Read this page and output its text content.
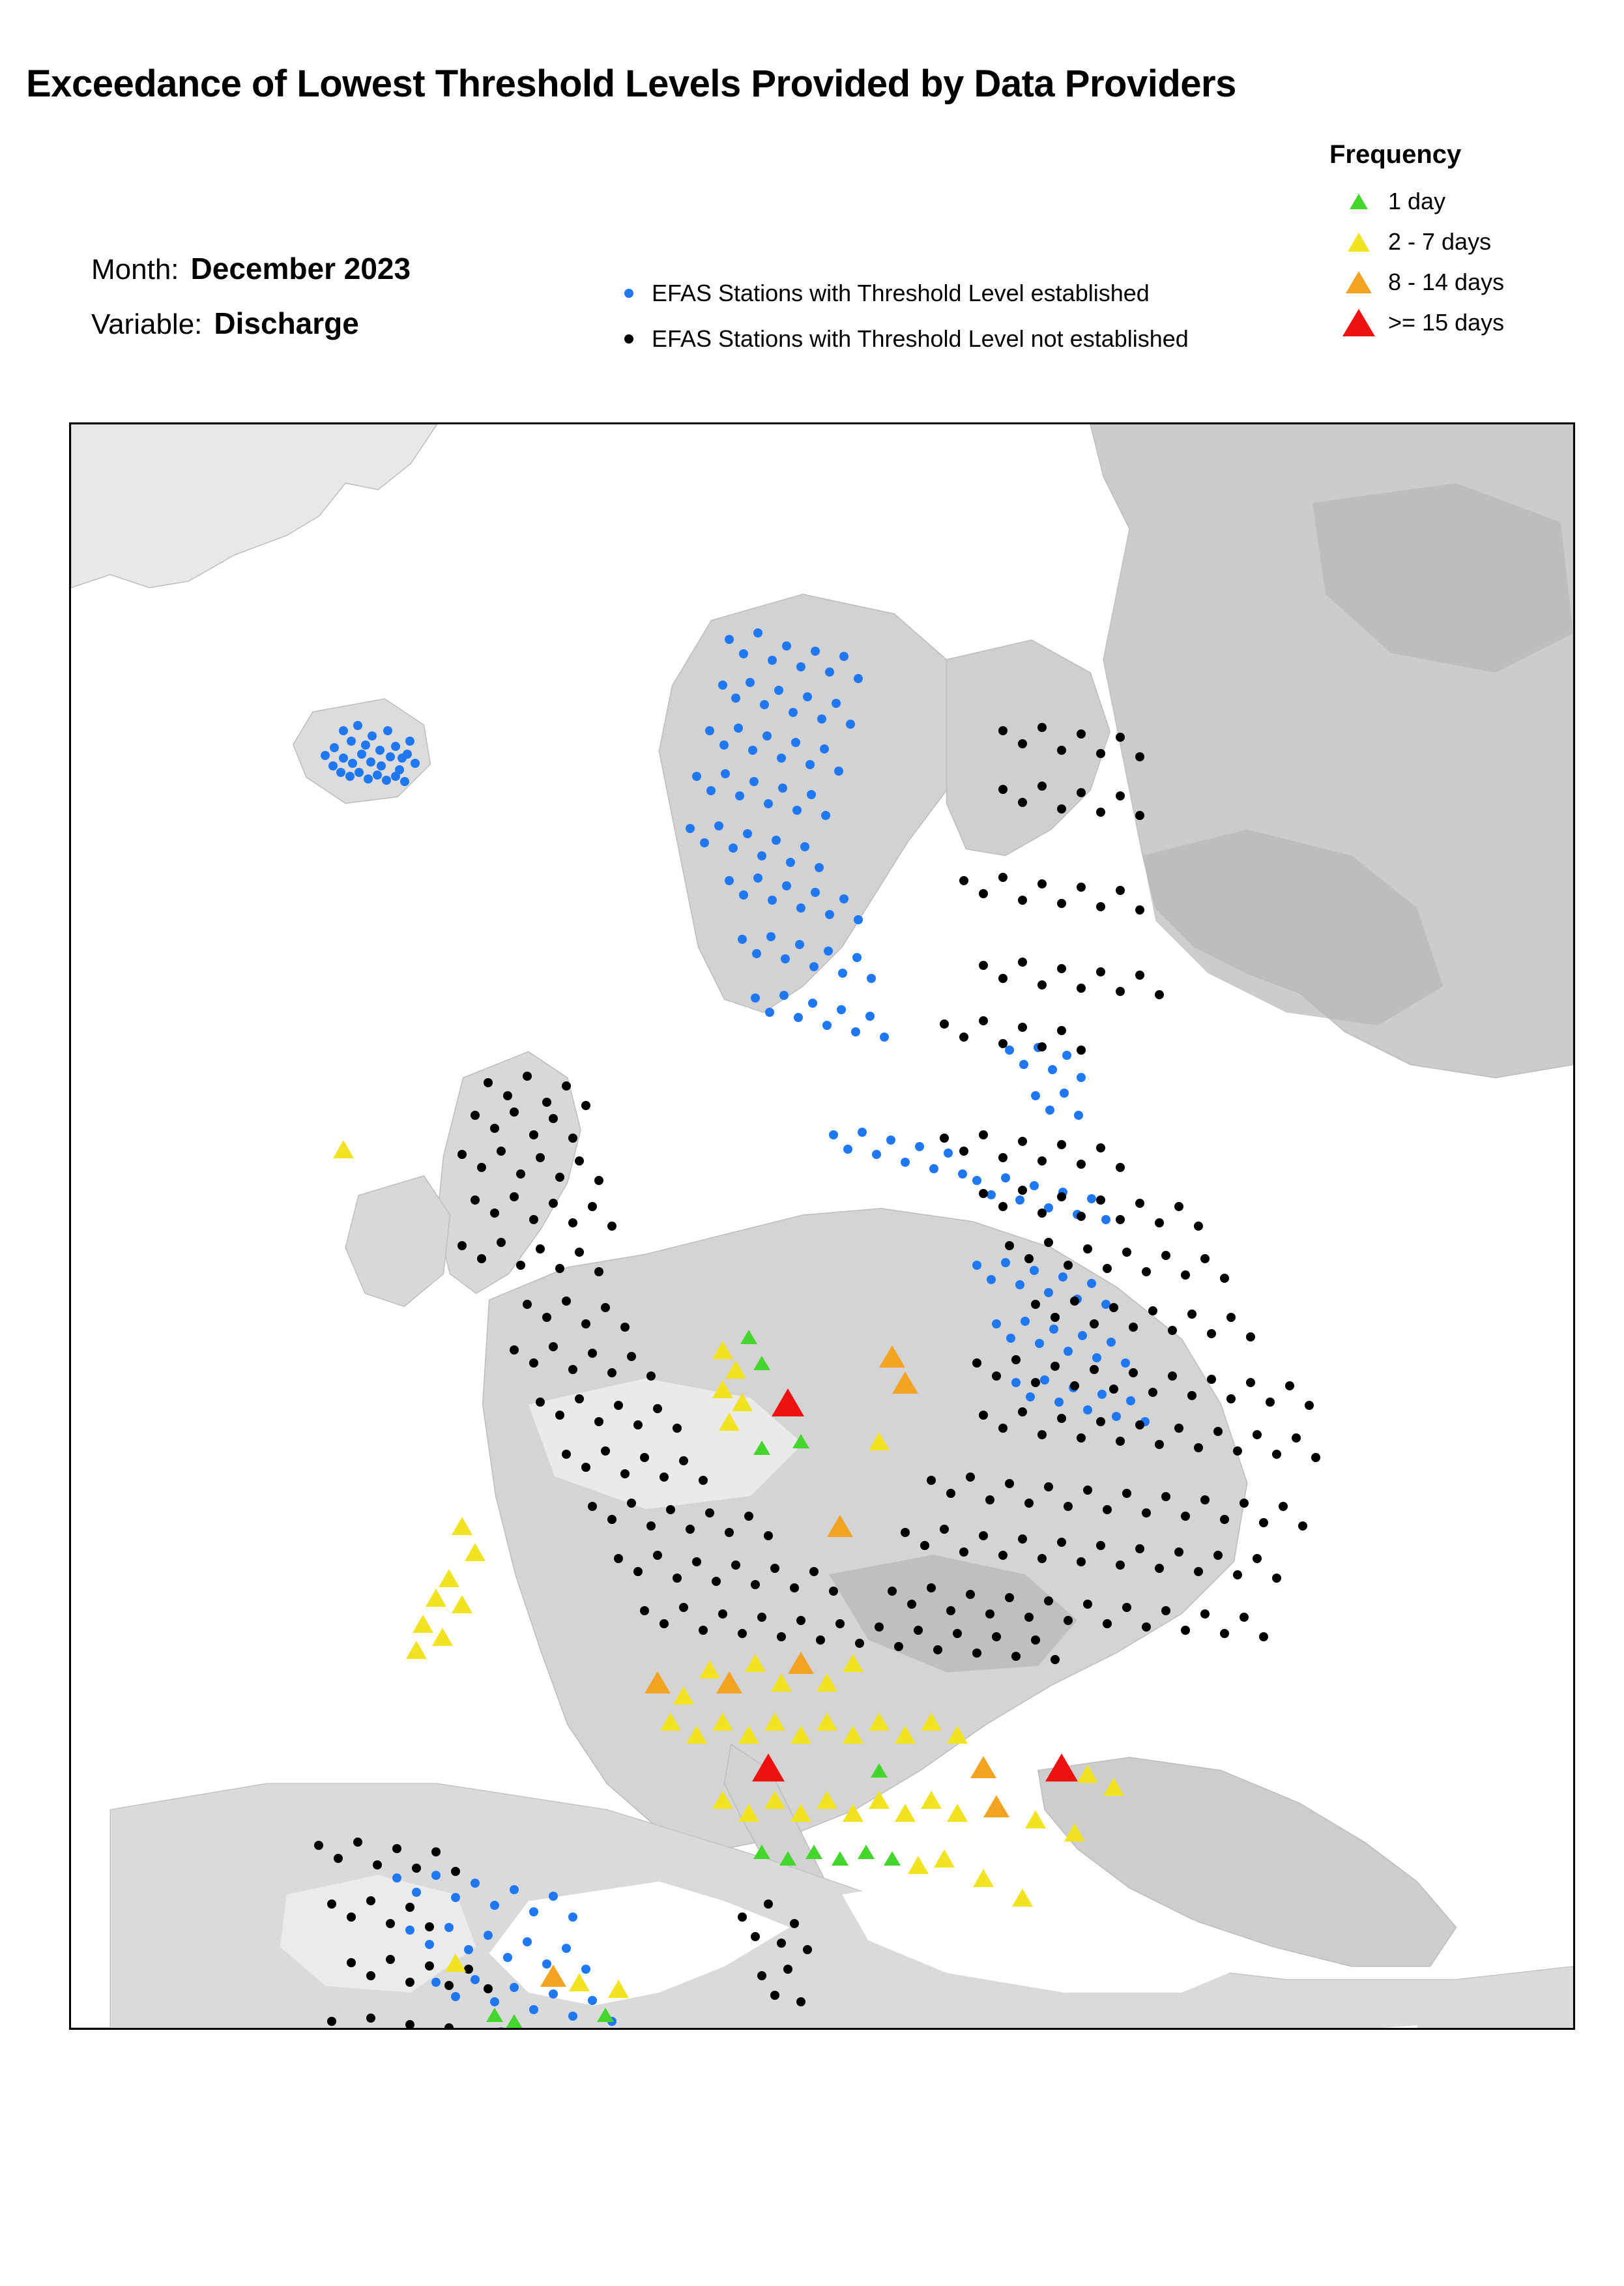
Exceedance of Lowest Threshold Levels Provided by Data Providers
Month: December 2023
Variable: Discharge
EFAS Stations with Threshold Level established
EFAS Stations with Threshold Level not established
Frequency
1 day
2 - 7 days
8 - 14 days
>= 15 days
